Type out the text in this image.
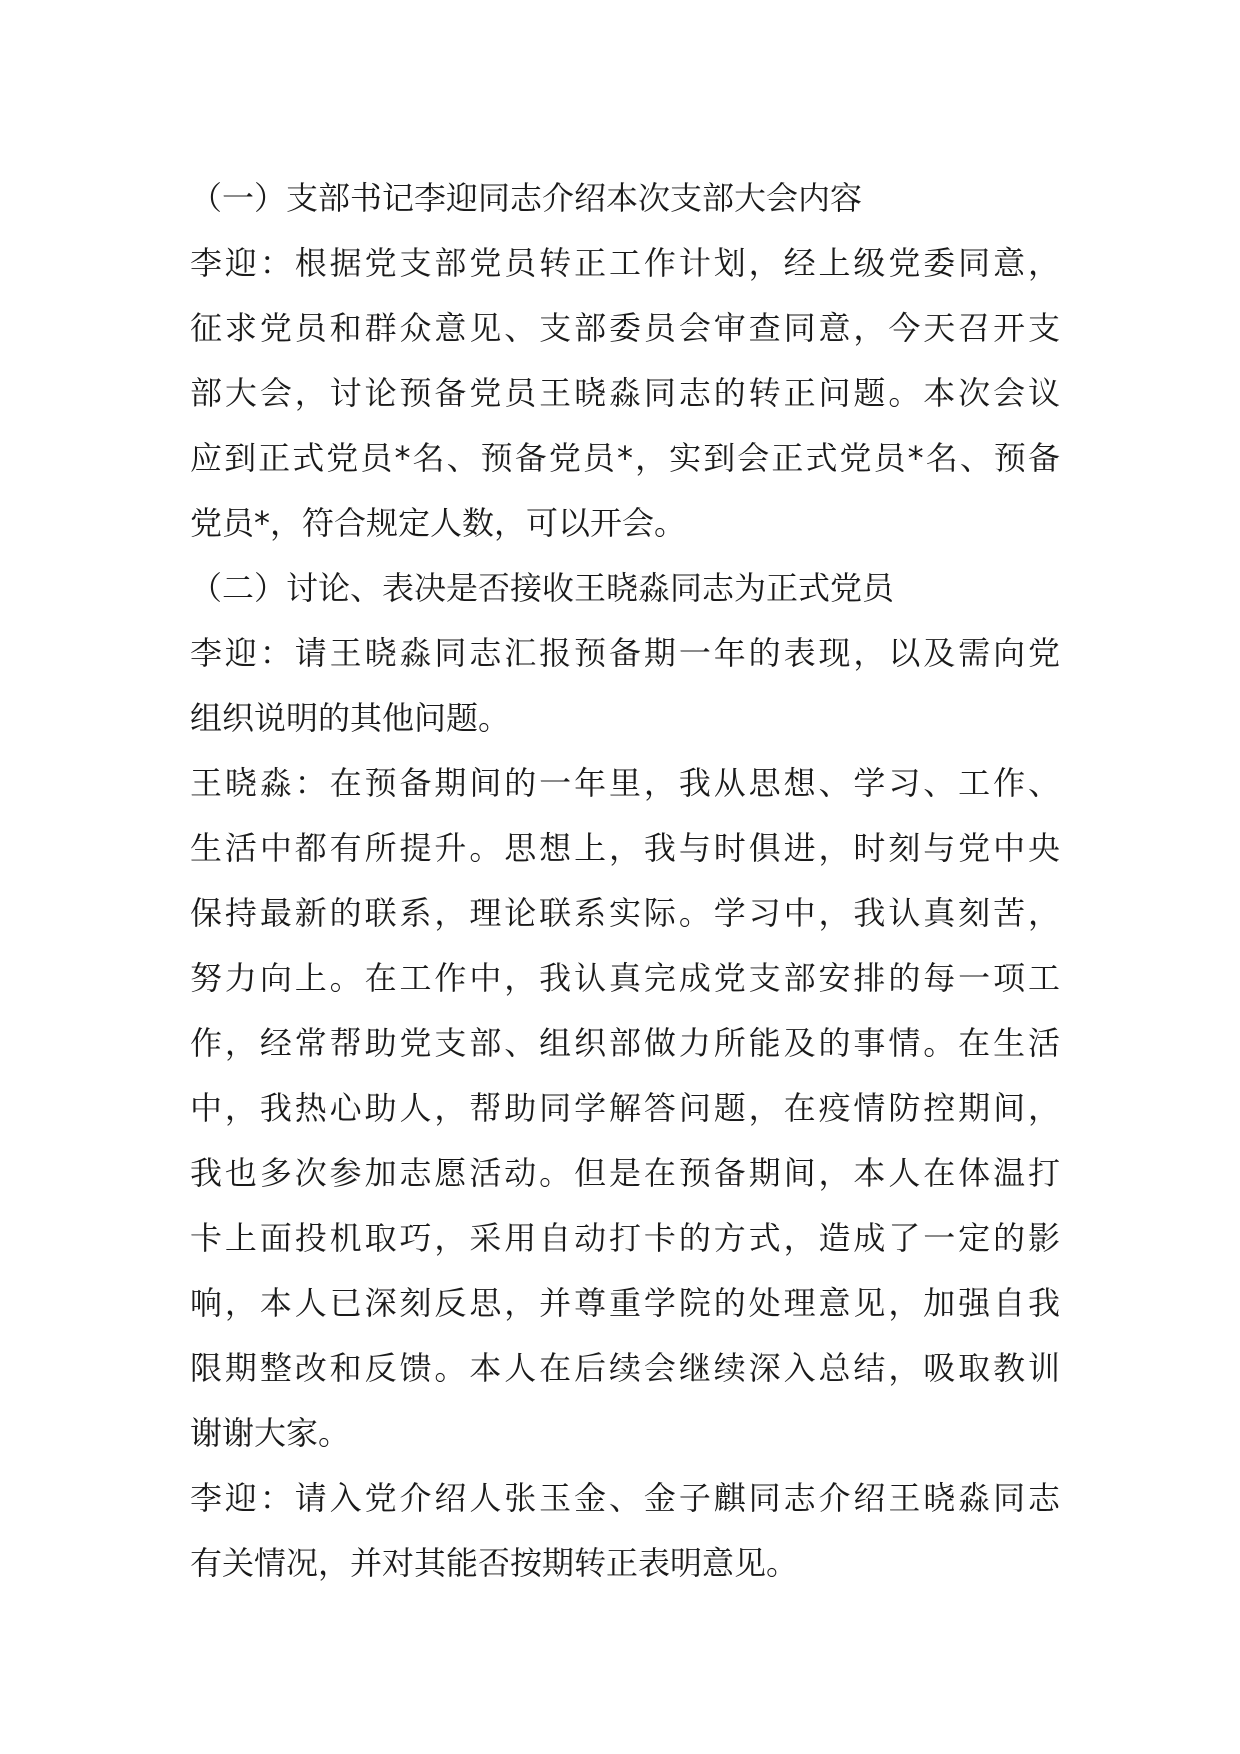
（一）支部书记李迎同志介绍本次支部大会内容
李迎：根据党支部党员转正工作计划，经上级党委同意，
征求党员和群众意见、支部委员会审查同意，今天召开支
部大会，讨论预备党员王晓淼同志的转正问题。本次会议
应到正式党员*名、预备党员*，实到会正式党员*名、预备
党员*，符合规定人数，可以开会。
（二）讨论、表决是否接收王晓淼同志为正式党员
李迎：请王晓淼同志汇报预备期一年的表现，以及需向党
组织说明的其他问题。
王晓淼：在预备期间的一年里，我从思想、学习、工作、
生活中都有所提升。思想上，我与时俱进，时刻与党中央
保持最新的联系，理论联系实际。学习中，我认真刻苦，
努力向上。在工作中，我认真完成党支部安排的每一项工
作，经常帮助党支部、组织部做力所能及的事情。在生活
中，我热心助人，帮助同学解答问题，在疫情防控期间，
我也多次参加志愿活动。但是在预备期间，本人在体温打
卡上面投机取巧，采用自动打卡的方式，造成了一定的影
响，本人已深刻反思，并尊重学院的处理意见，加强自我
限期整改和反馈。本人在后续会继续深入总结，吸取教训
谢谢大家。
李迎：请入党介绍人张玉金、金子麒同志介绍王晓淼同志
有关情况，并对其能否按期转正表明意见。
